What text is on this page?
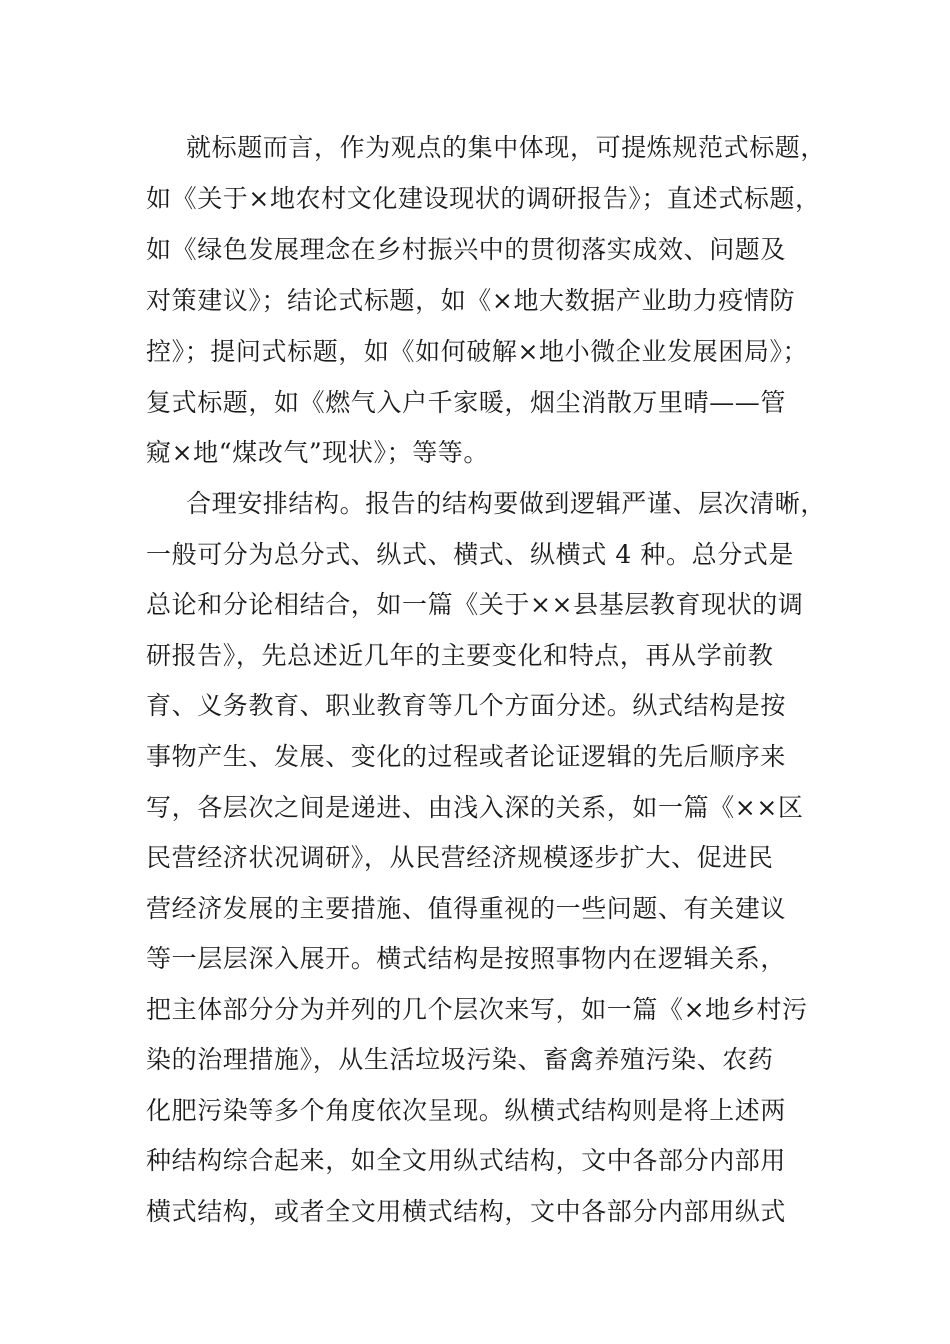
就标题而言，作为观点的集中体现，可提炼规范式标题，

如《关于×地农村文化建设现状的调研报告》；直述式标题，

如《绿色发展理念在乡村振兴中的贯彻落实成效、问题及

对策建议》；结论式标题，如《×地大数据产业助力疫情防

控》；提问式标题，如《如何破解×地小微企业发展困局》；

复式标题，如《燃气入户千家暖，烟尘消散万里晴——管

窥×地“煤改气”现状》；等等。

合理安排结构。报告的结构要做到逻辑严谨、层次清晰，

一般可分为总分式、纵式、横式、纵横式 4 种。总分式是

总论和分论相结合，如一篇《关于××县基层教育现状的调

研报告》，先总述近几年的主要变化和特点，再从学前教

育、义务教育、职业教育等几个方面分述。纵式结构是按

事物产生、发展、变化的过程或者论证逻辑的先后顺序来

写，各层次之间是递进、由浅入深的关系，如一篇《××区

民营经济状况调研》，从民营经济规模逐步扩大、促进民

营经济发展的主要措施、值得重视的一些问题、有关建议

等一层层深入展开。横式结构是按照事物内在逻辑关系，

把主体部分分为并列的几个层次来写，如一篇《×地乡村污

染的治理措施》，从生活垃圾污染、畜禽养殖污染、农药

化肥污染等多个角度依次呈现。纵横式结构则是将上述两

种结构综合起来，如全文用纵式结构，文中各部分内部用

横式结构，或者全文用横式结构，文中各部分内部用纵式
